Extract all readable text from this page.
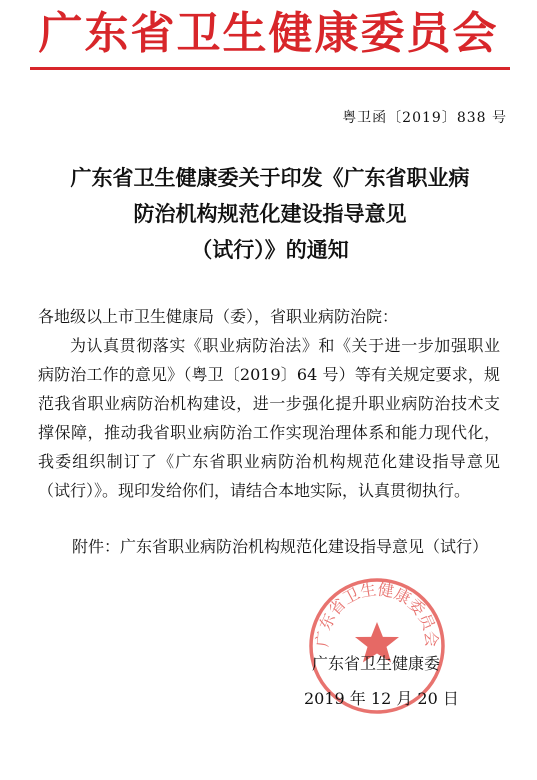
广东省卫生健康委员会
粤卫函〔2019〕838 号
广东省卫生健康委关于印发《广东省职业病
防治机构规范化建设指导意见
（试行）》的通知

各地级以上市卫生健康局（委），省职业病防治院：

为认真贯彻落实《职业病防治法》和《关于进一步加强职业病防治工作的意见》（粤卫〔2019〕64 号）等有关规定要求，规范我省职业病防治机构建设，进一步强化提升职业病防治技术支撑保障，推动我省职业病防治工作实现治理体系和能力现代化，我委组织制订了《广东省职业病防治机构规范化建设指导意见（试行）》。现印发给你们，请结合本地实际，认真贯彻执行。

附件：广东省职业病防治机构规范化建设指导意见（试行）
广东省卫生健康委员会
广东省卫生健康委
2019 年 12 月 20 日
